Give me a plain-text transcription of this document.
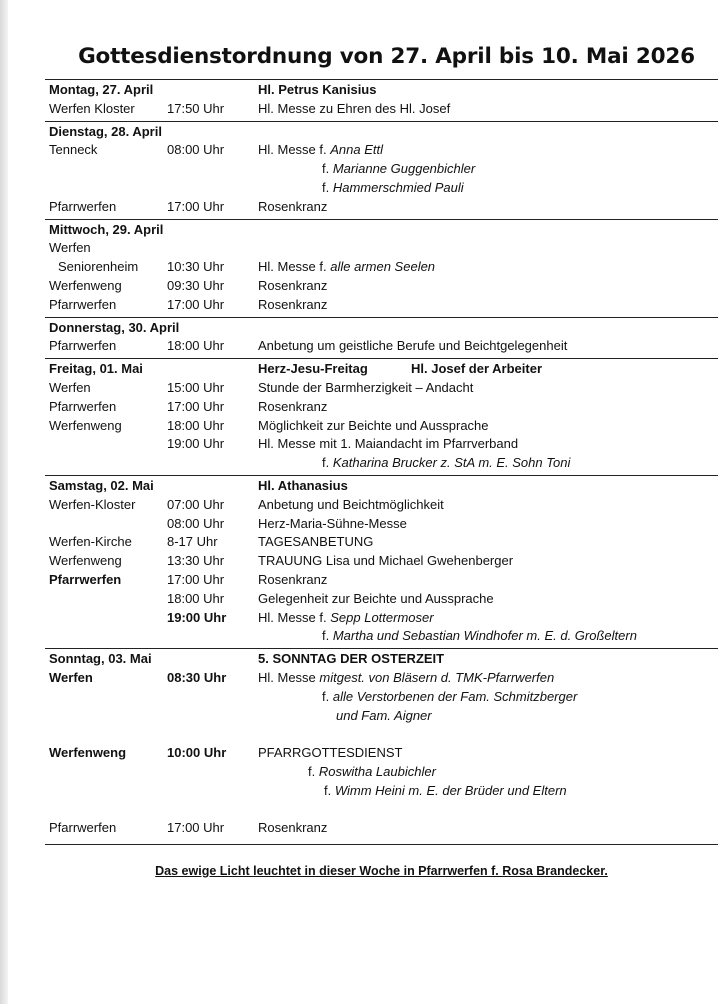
Gottesdienstordnung von 27. April bis 10. Mai 2026
Montag, 27. April	Hl. Petrus Kanisius
Werfen Kloster 17:50 Uhr	Hl. Messe zu Ehren des Hl. Josef
Dienstag, 28. April
Tenneck	08:00 Uhr	Hl. Messe f. Anna Ettl
f. Marianne Guggenbichler
f. Hammerschmied Pauli
Pfarrwerfen	17:00 Uhr	Rosenkranz
Mittwoch, 29. April
Werfen
Seniorenheim 10:30 Uhr	Hl. Messe f. alle armen Seelen
Werfenweng	09:30 Uhr	Rosenkranz
Pfarrwerfen	17:00 Uhr	Rosenkranz
Donnerstag, 30. April
Pfarrwerfen	18:00 Uhr	Anbetung um geistliche Berufe und Beichtgelegenheit
Freitag, 01. Mai	Herz-Jesu-Freitag	Hl. Josef der Arbeiter
Werfen	15:00 Uhr	Stunde der Barmherzigkeit – Andacht
Pfarrwerfen	17:00 Uhr	Rosenkranz
Werfenweng	18:00 Uhr	Möglichkeit zur Beichte und Aussprache
19:00 Uhr	Hl. Messe mit 1. Maiandacht im Pfarrverband
f. Katharina Brucker z. StA m. E. Sohn Toni
Samstag, 02. Mai	Hl. Athanasius
Werfen-Kloster 07:00 Uhr	Anbetung und Beichtmöglichkeit
08:00 Uhr	Herz-Maria-Sühne-Messe
Werfen-Kirche	8-17 Uhr	TAGESANBETUNG
Werfenweng	13:30 Uhr	TRAUUNG Lisa und Michael Gwehenberger
Pfarrwerfen	17:00 Uhr	Rosenkranz
18:00 Uhr	Gelegenheit zur Beichte und Aussprache
19:00 Uhr Hl. Messe f. Sepp Lottermoser
f. Martha und Sebastian Windhofer m. E. d. Großeltern
Sonntag, 03. Mai	5. SONNTAG DER OSTERZEIT
Werfen	08:30 Uhr Hl. Messe mitgest. von Bläsern d. TMK-Pfarrwerfen
f. alle Verstorbenen der Fam. Schmitzberger
und Fam. Aigner
Werfenweng	10:00 Uhr PFARRGOTTESDIENST
f. Roswitha Laubichler
f. Wimm Heini m. E. der Brüder und Eltern
Pfarrwerfen	17:00 Uhr	Rosenkranz
Das ewige Licht leuchtet in dieser Woche in Pfarrwerfen f. Rosa Brandecker.
